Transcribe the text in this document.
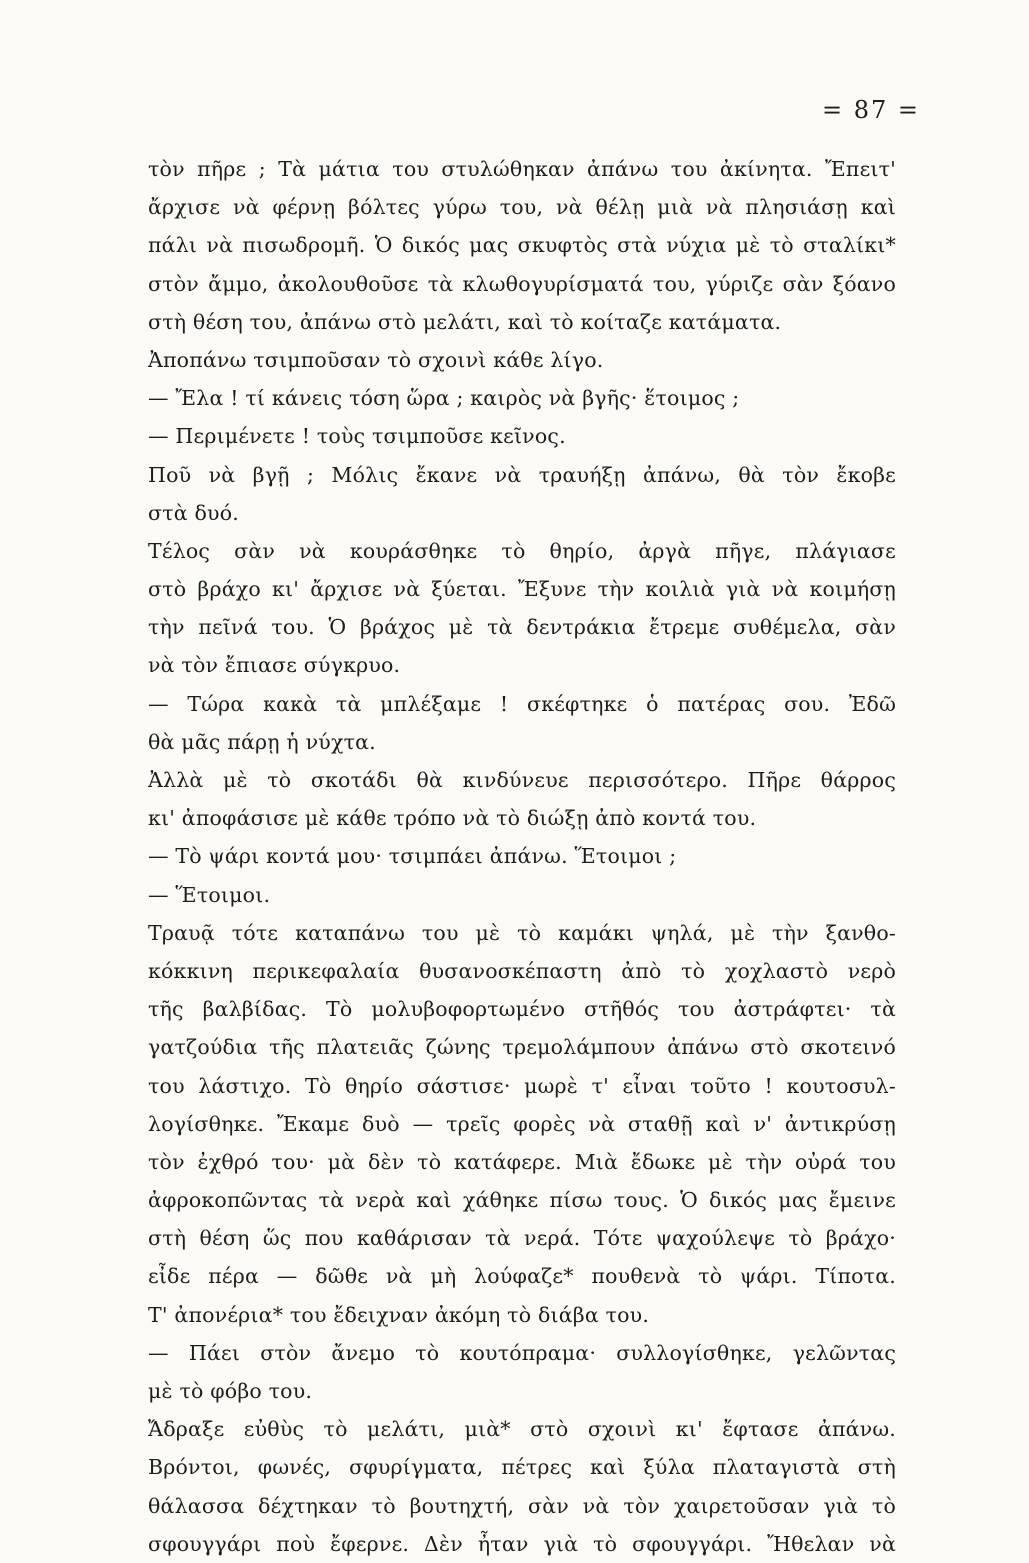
= 87 =
τὸν πῆρε ; Τὰ μάτια του στυλώθηκαν ἀπάνω του ἀκίνητα. Ἔπειτ'
ἄρχισε νὰ φέρνῃ βόλτες γύρω του, νὰ θέλῃ μιὰ νὰ πλησιάσῃ καὶ
πάλι νὰ πισωδρομῆ. Ὁ δικός μας σκυφτὸς στὰ νύχια μὲ τὸ σταλίκι*
στὸν ἄμμο, ἀκολουθοῦσε τὰ κλωθογυρίσματά του, γύριζε σὰν ξόανο
στὴ θέση του, ἀπάνω στὸ μελάτι, καὶ τὸ κοίταζε κατάματα.
Ἀποπάνω τσιμποῦσαν τὸ σχοινὶ κάθε λίγο.
— Ἔλα ! τί κάνεις τόση ὥρα ; καιρὸς νὰ βγῆς· ἕτοιμος ;
— Περιμένετε ! τοὺς τσιμποῦσε κεῖνος.
Ποῦ νὰ βγῇ ; Μόλις ἔκανε νὰ τραυήξῃ ἀπάνω, θὰ τὸν ἔκοβε
στὰ δυό.
Τέλος σὰν νὰ κουράσθηκε τὸ θηρίο, ἀργὰ πῆγε, πλάγιασε
στὸ βράχο κι' ἄρχισε νὰ ξύεται. Ἔξυνε τὴν κοιλιὰ γιὰ νὰ κοιμήσῃ
τὴν πεῖνά του. Ὁ βράχος μὲ τὰ δεντράκια ἔτρεμε συθέμελα, σὰν
νὰ τὸν ἔπιασε σύγκρυο.
— Τώρα κακὰ τὰ μπλέξαμε ! σκέφτηκε ὁ πατέρας σου. Ἐδῶ
θὰ μᾶς πάρῃ ἡ νύχτα.
Ἀλλὰ μὲ τὸ σκοτάδι θὰ κινδύνευε περισσότερο. Πῆρε θάρρος
κι' ἀποφάσισε μὲ κάθε τρόπο νὰ τὸ διώξῃ ἀπὸ κοντά του.
— Τὸ ψάρι κοντά μου· τσιμπάει ἀπάνω. Ἕτοιμοι ;
— Ἕτοιμοι.
Τραυᾷ τότε καταπάνω του μὲ τὸ καμάκι ψηλά, μὲ τὴν ξανθο-
κόκκινη περικεφαλαία θυσανοσκέπαστη ἀπὸ τὸ χοχλαστὸ νερὸ
τῆς βαλβίδας. Τὸ μολυβοφορτωμένο στῆθός του ἀστράφτει· τὰ
γατζούδια τῆς πλατειᾶς ζώνης τρεμολάμπουν ἀπάνω στὸ σκοτεινό
του λάστιχο. Τὸ θηρίο σάστισε· μωρὲ τ' εἶναι τοῦτο ! κουτοσυλ-
λογίσθηκε. Ἔκαμε δυὸ — τρεῖς φορὲς νὰ σταθῇ καὶ ν' ἀντικρύσῃ
τὸν ἐχθρό του· μὰ δὲν τὸ κατάφερε. Μιὰ ἔδωκε μὲ τὴν οὐρά του
ἀφροκοπῶντας τὰ νερὰ καὶ χάθηκε πίσω τους. Ὁ δικός μας ἔμεινε
στὴ θέση ὥς που καθάρισαν τὰ νερά. Τότε ψαχούλεψε τὸ βράχο·
εἶδε πέρα — δῶθε νὰ μὴ λούφαζε* πουθενὰ τὸ ψάρι. Τίποτα.
Τ' ἀπονέρια* του ἔδειχναν ἀκόμη τὸ διάβα του.
— Πάει στὸν ἄνεμο τὸ κουτόπραμα· συλλογίσθηκε, γελῶντας
μὲ τὸ φόβο του.
Ἄδραξε εὐθὺς τὸ μελάτι, μιὰ* στὸ σχοινὶ κι' ἔφτασε ἀπάνω.
Βρόντοι, φωνές, σφυρίγματα, πέτρες καὶ ξύλα πλαταγιστὰ στὴ
θάλασσα δέχτηκαν τὸ βουτηχτή, σὰν νὰ τὸν χαιρετοῦσαν γιὰ τὸ
σφουγγάρι ποὺ ἔφερνε. Δὲν ἦταν γιὰ τὸ σφουγγάρι. Ἤθελαν νὰ
